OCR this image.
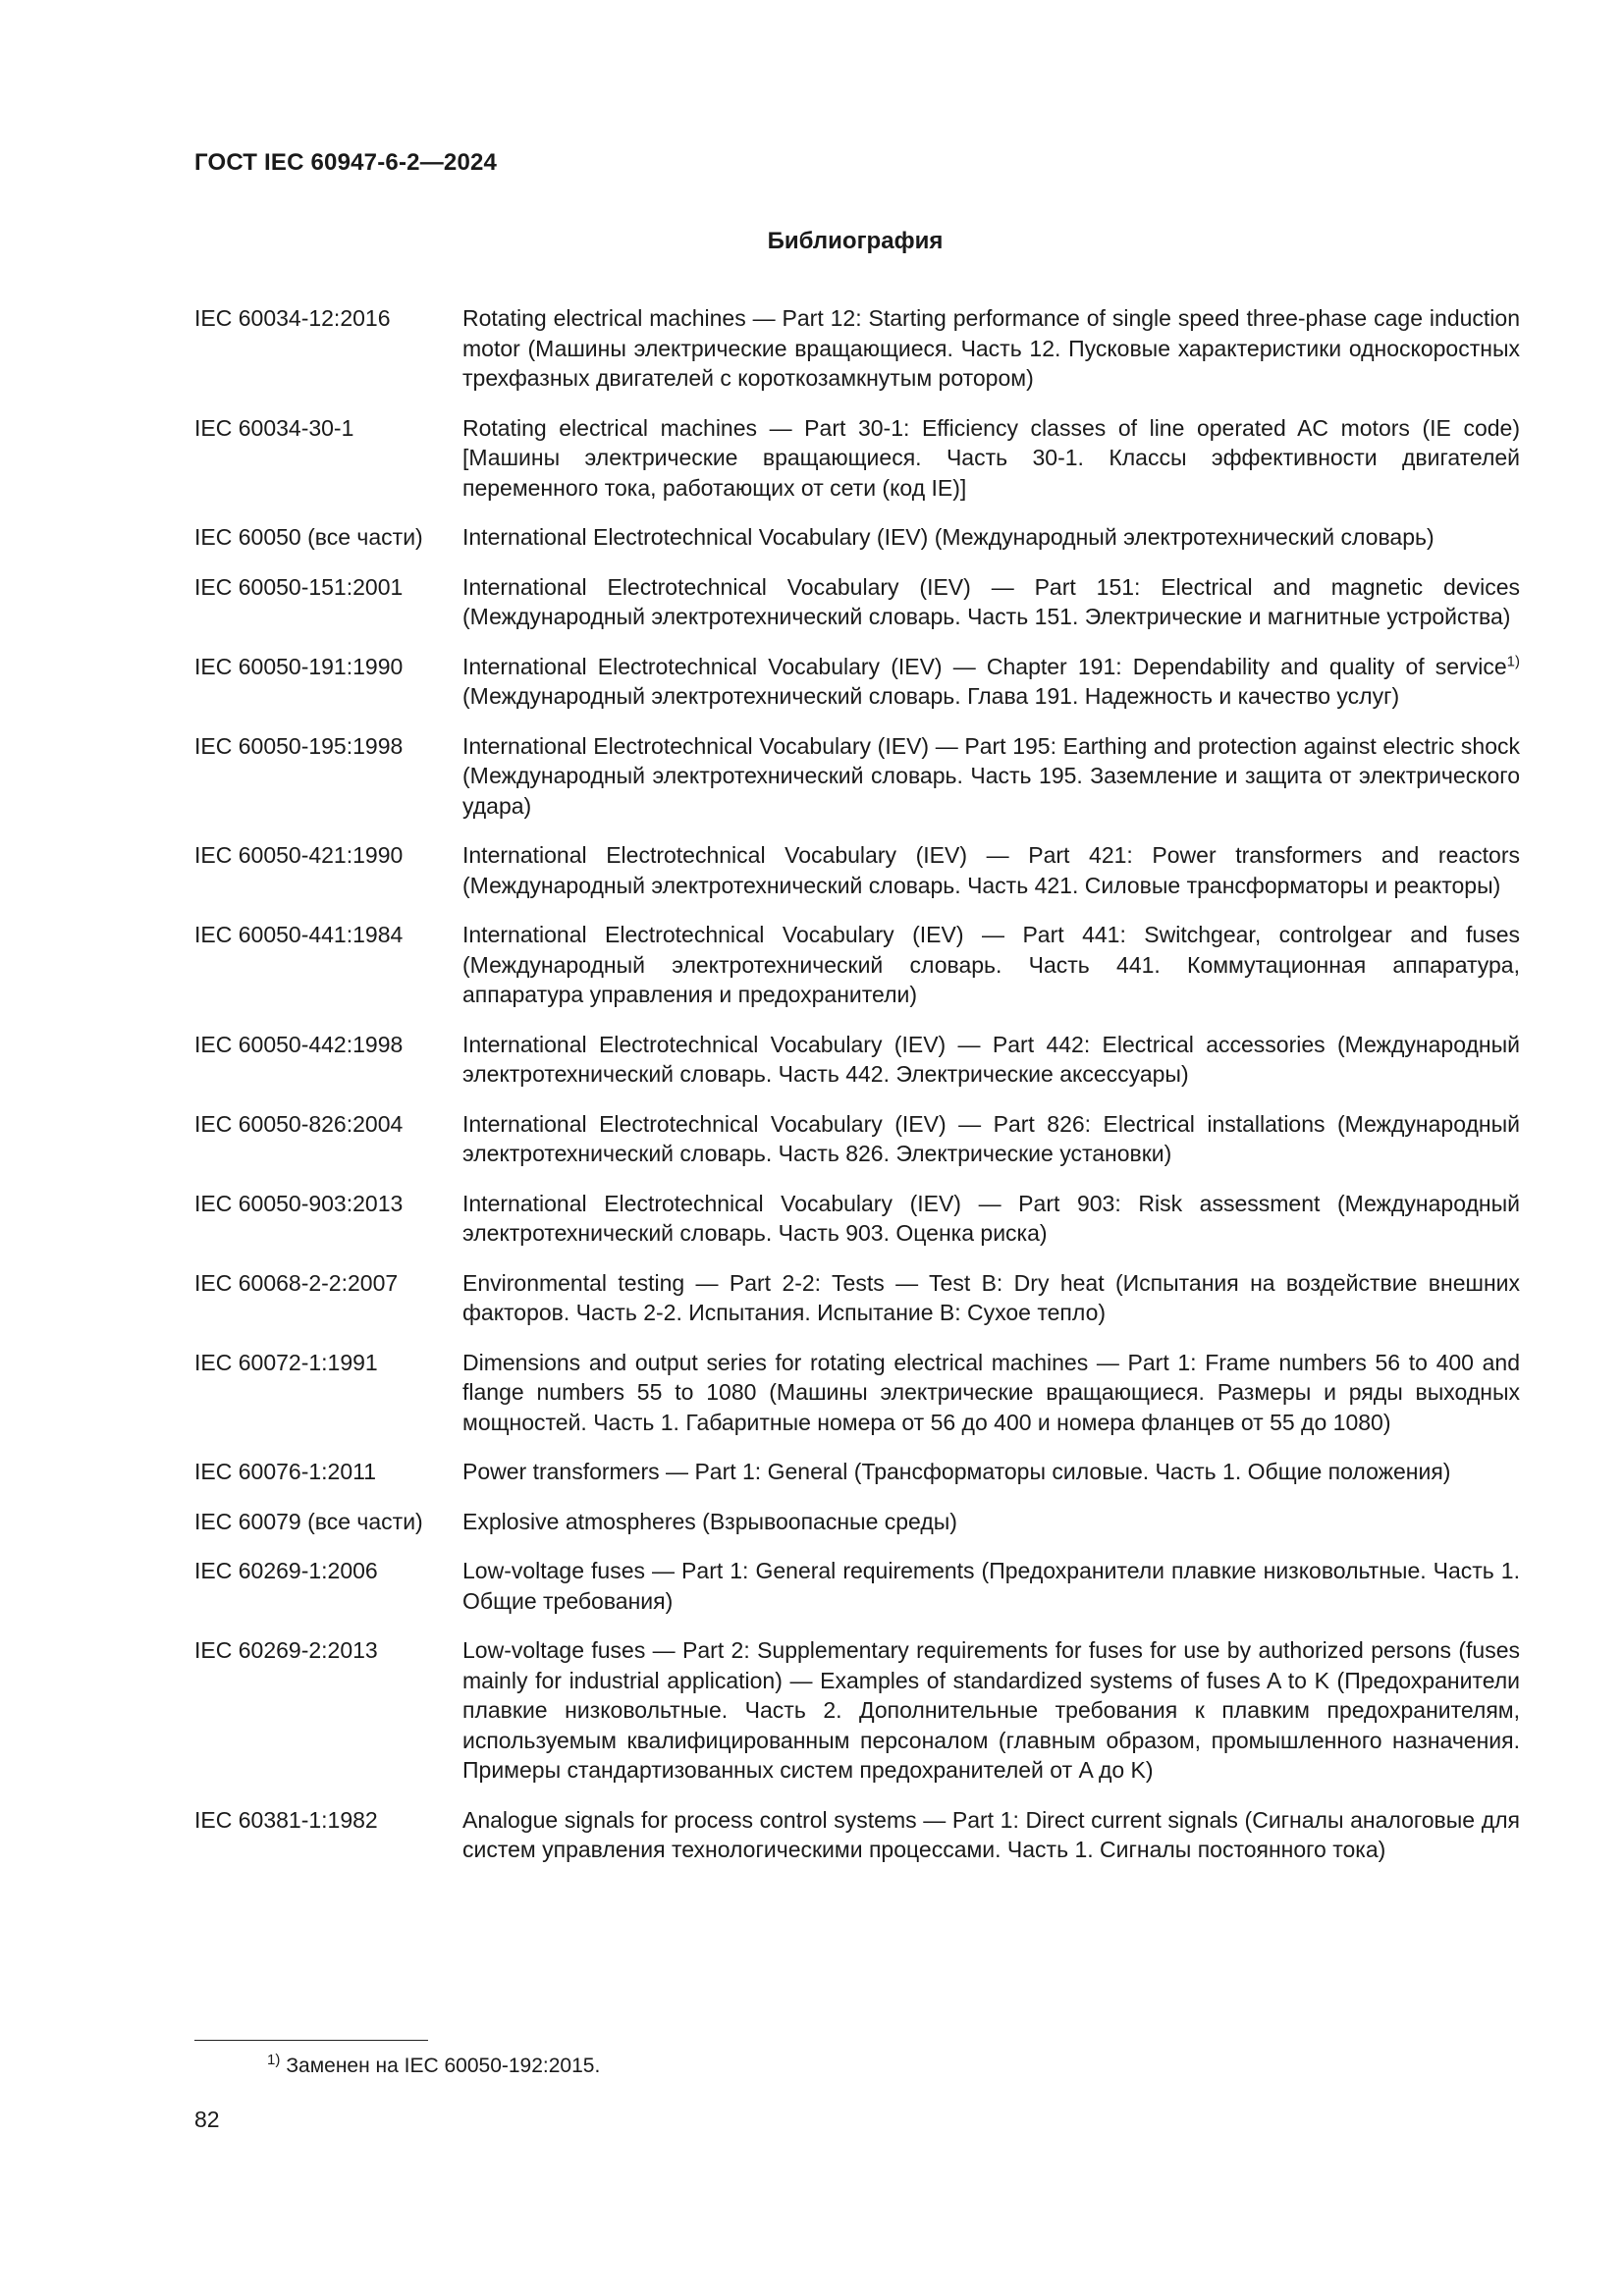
ГОСТ IEC 60947-6-2—2024
Библиография
IEC 60034-12:2016	Rotating electrical machines — Part 12: Starting performance of single speed three-phase cage induction motor (Машины электрические вращающиеся. Часть 12. Пусковые характеристики односкоростных трехфазных двигателей с короткозамкнутым ротором)
IEC 60034-30-1	Rotating electrical machines — Part 30-1: Efficiency classes of line operated AC motors (IE code) [Машины электрические вращающиеся. Часть 30-1. Классы эффективности двигателей переменного тока, работающих от сети (код IE)]
IEC 60050 (все части)	International Electrotechnical Vocabulary (IEV) (Международный электротехнический словарь)
IEC 60050-151:2001	International Electrotechnical Vocabulary (IEV) — Part 151: Electrical and magnetic devices (Международный электротехнический словарь. Часть 151. Электрические и магнитные устройства)
IEC 60050-191:1990	International Electrotechnical Vocabulary (IEV) — Chapter 191: Dependability and quality of service$^{1)}$ (Международный электротехнический словарь. Глава 191. Надежность и качество услуг)
IEC 60050-195:1998	International Electrotechnical Vocabulary (IEV) — Part 195: Earthing and protection against electric shock (Международный электротехнический словарь. Часть 195. Заземление и защита от электрического удара)
IEC 60050-421:1990	International Electrotechnical Vocabulary (IEV) — Part 421: Power transformers and reactors (Международный электротехнический словарь. Часть 421. Силовые трансформаторы и реакторы)
IEC 60050-441:1984	International Electrotechnical Vocabulary (IEV) — Part 441: Switchgear, controlgear and fuses (Международный электротехнический словарь. Часть 441. Коммутационная аппаратура, аппаратура управления и предохранители)
IEC 60050-442:1998	International Electrotechnical Vocabulary (IEV) — Part 442: Electrical accessories (Международный электротехнический словарь. Часть 442. Электрические аксессуары)
IEC 60050-826:2004	International Electrotechnical Vocabulary (IEV) — Part 826: Electrical installations (Международный электротехнический словарь. Часть 826. Электрические установки)
IEC 60050-903:2013	International Electrotechnical Vocabulary (IEV) — Part 903: Risk assessment (Международный электротехнический словарь. Часть 903. Оценка риска)
IEC 60068-2-2:2007	Environmental testing — Part 2-2: Tests — Test B: Dry heat (Испытания на воздействие внешних факторов. Часть 2-2. Испытания. Испытание B: Сухое тепло)
IEC 60072-1:1991	Dimensions and output series for rotating electrical machines — Part 1: Frame numbers 56 to 400 and flange numbers 55 to 1080 (Машины электрические вращающиеся. Размеры и ряды выходных мощностей. Часть 1. Габаритные номера от 56 до 400 и номера фланцев от 55 до 1080)
IEC 60076-1:2011	Power transformers — Part 1: General (Трансформаторы силовые. Часть 1. Общие положения)
IEC 60079 (все части)	Explosive atmospheres (Взрывоопасные среды)
IEC 60269-1:2006	Low-voltage fuses — Part 1: General requirements (Предохранители плавкие низковольтные. Часть 1. Общие требования)
IEC 60269-2:2013	Low-voltage fuses — Part 2: Supplementary requirements for fuses for use by authorized persons (fuses mainly for industrial application) — Examples of standardized systems of fuses A to K (Предохранители плавкие низковольтные. Часть 2. Дополнительные требования к плавким предохранителям, используемым квалифицированным персоналом (главным образом, промышленного назначения. Примеры стандартизованных систем предохранителей от A до K)
IEC 60381-1:1982	Analogue signals for process control systems — Part 1: Direct current signals (Сигналы аналоговые для систем управления технологическими процессами. Часть 1. Сигналы постоянного тока)
$^{1)}$ Заменен на IEC 60050-192:2015.
82
